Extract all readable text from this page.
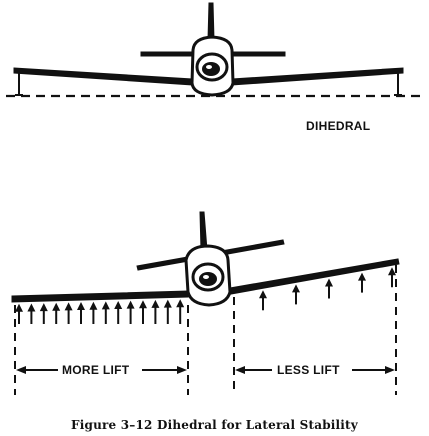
DIHEDRAL
MORE LIFT	LESS LIFT
Figure 3–12 Dihedral for Lateral Stability
